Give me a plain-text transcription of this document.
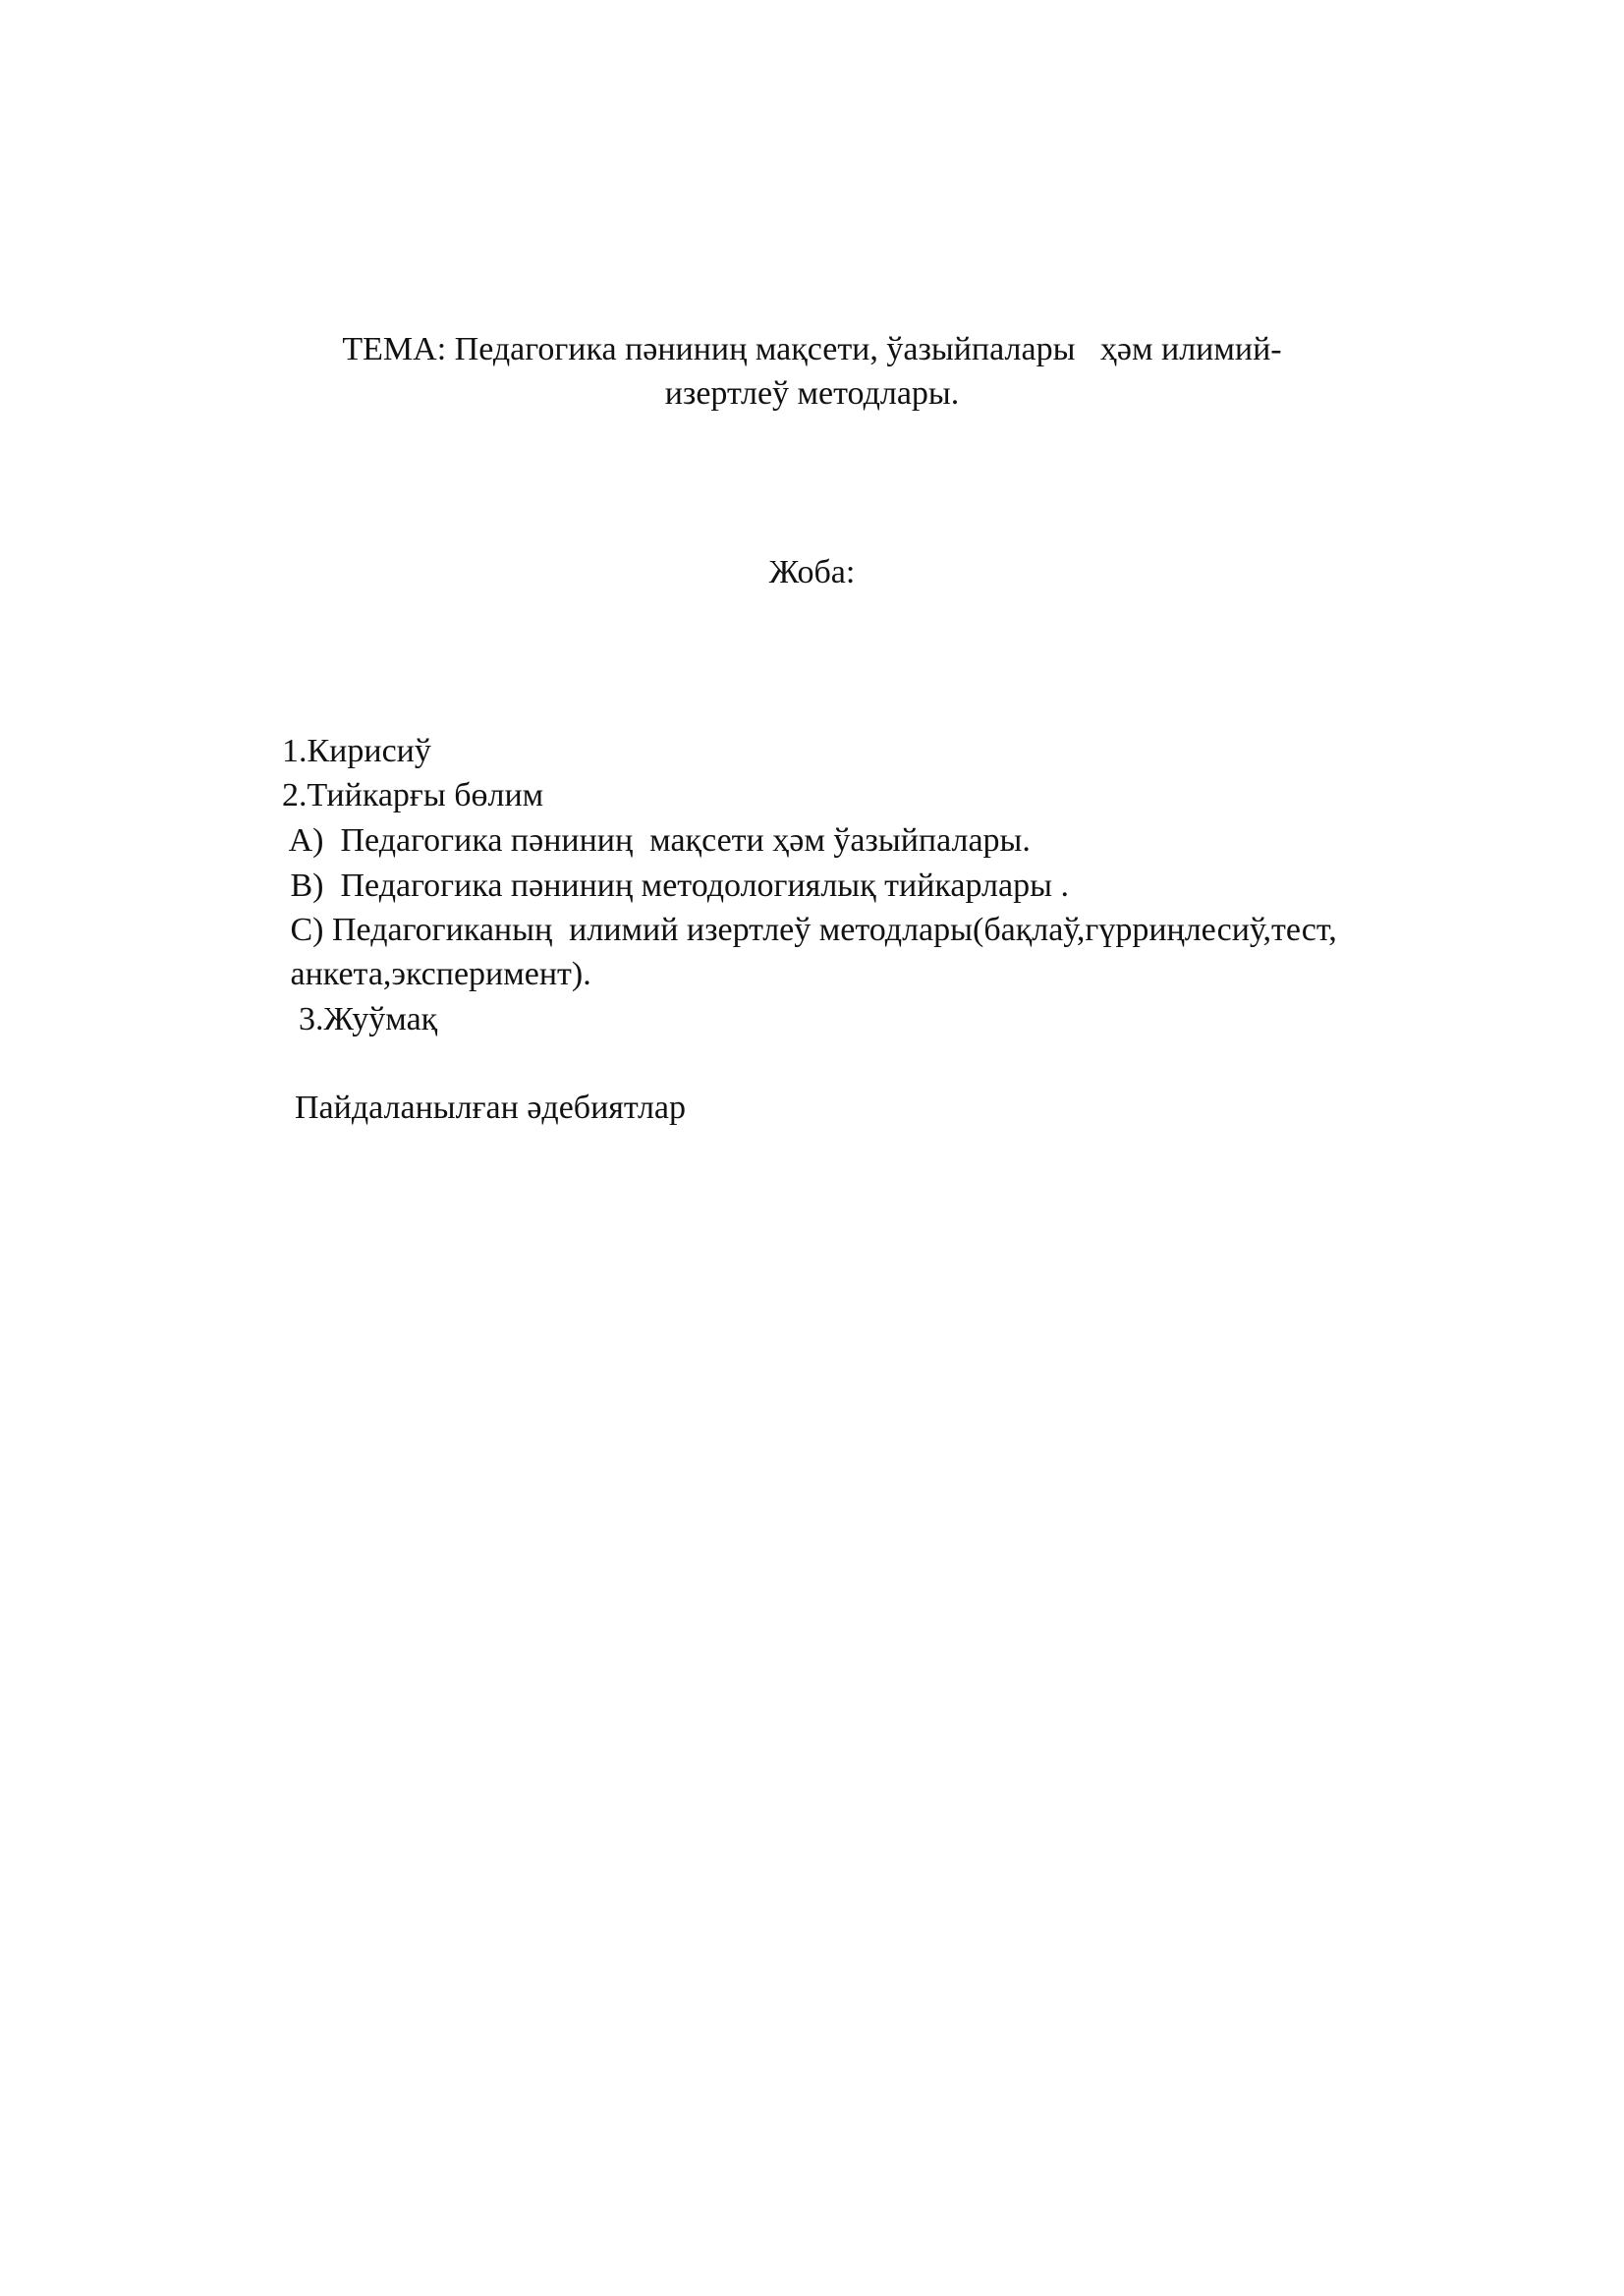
ТЕМА: Педагогика пәниниң мақсети, ўазыйпалары   ҳәм илимий-

изертлеў методлары.

Жоба:

1.Кирисиў

2.Тийкарғы бөлим

A)  Педагогика пәниниң  мақсети ҳәм ўазыйпалары.

B)  Педагогика пәниниң методологиялық тийкарлары .

C) Педагогиканың  илимий изертлеў методлары(бақлаў,гүрриңлесиў,тест,

анкета,эксперимент).

3.Жуўмақ

Пайдаланылған әдебиятлар
